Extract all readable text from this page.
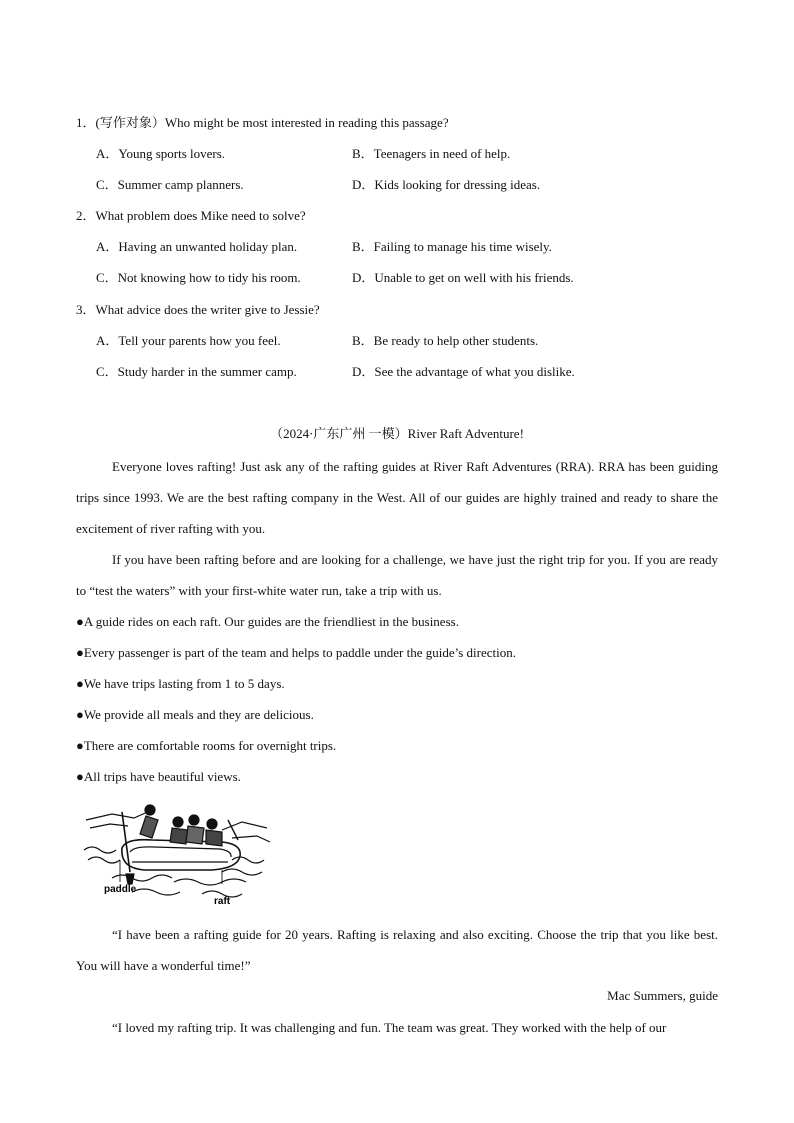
1．(写作对象）Who might be most interested in reading this passage?
A．Young sports lovers.	B．Teenagers in need of help.
C．Summer camp planners.	D．Kids looking for dressing ideas.
2．What problem does Mike need to solve?
A．Having an unwanted holiday plan.	B．Failing to manage his time wisely.
C．Not knowing how to tidy his room.	D．Unable to get on well with his friends.
3．What advice does the writer give to Jessie?
A．Tell your parents how you feel.	B．Be ready to help other students.
C．Study harder in the summer camp.	D．See the advantage of what you dislike.
（2024·广东广州 一模）River Raft Adventure!
Everyone loves rafting! Just ask any of the rafting guides at River Raft Adventures (RRA). RRA has been guiding trips since 1993. We are the best rafting company in the West. All of our guides are highly trained and ready to share the excitement of river rafting with you.
If you have been rafting before and are looking for a challenge, we have just the right trip for you. If you are ready to “test the waters” with your first-white water run, take a trip with us.
●A guide rides on each raft. Our guides are the friendliest in the business.
●Every passenger is part of the team and helps to paddle under the guide’s direction.
●We have trips lasting from 1 to 5 days.
●We provide all meals and they are delicious.
●There are comfortable rooms for overnight trips.
●All trips have beautiful views.
paddle
raft
“I have been a rafting guide for 20 years. Rafting is relaxing and also exciting. Choose the trip that you like best. You will have a wonderful time!”
Mac Summers, guide
“I loved my rafting trip. It was challenging and fun. The team was great. They worked with the help of our
